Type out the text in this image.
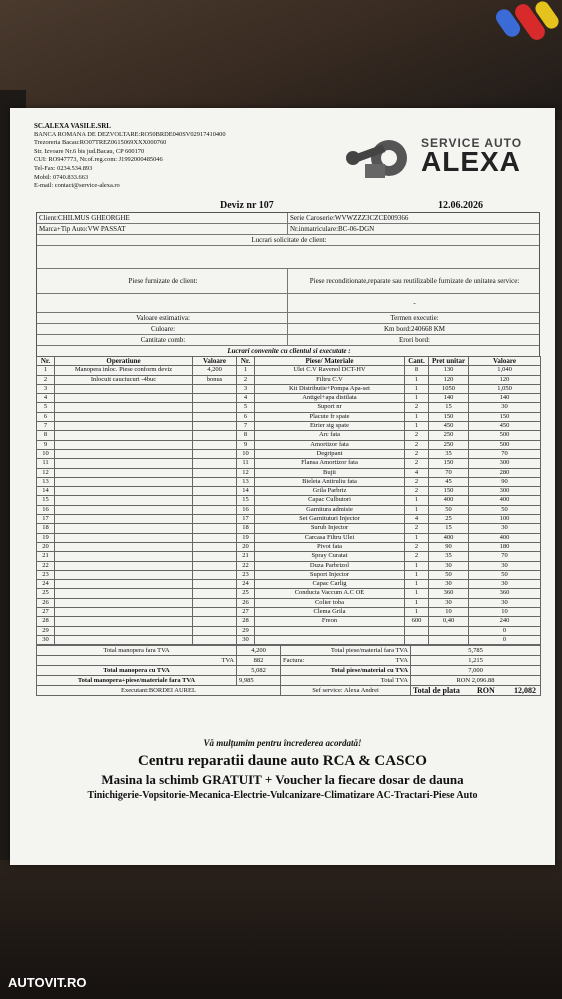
SC.ALEXA VASILE.SRL
BANCA ROMANA DE DEZVOLTARE:RO50BRDE040SV02917410400
Trezoreria Bacau:RO07TREZ0615069XXX000760
Str. Izvoare Nr.6 bis jud.Bacau, CP 600170
CUI: RO947773, Nr.of.reg.com: J1992000485046
Tel-Fax: 0234.534.893
Mobil: 0740.833.663
E-mail: contact@service-alexa.ro
SERVICE AUTO
ALEXA
Deviz nr 107	12.06.2026
Client:CHILMUS GHEORGHE	Serie Caroserie:WVWZZZ3CZCE009366
Marca+Tip Auto:VW PASSAT	Nr.inmatriculare:BC-06-DGN
Lucrari solicitate de client:
Piese furnizate de client:	Piese reconditionate,reparate sau reutilizabile furnizate de unitatea service:
-
Valoare estimativa:	Termen executie:
Culoare:	Km bord:240668 KM
Cantitate comb:	Erori bord:
Lucrari convenite cu clientul si executate :
Nr.	Operatiune	Valoare	Nr.	Piese/ Materiale	Cant.	Pret unitar	Valoare
1	Manopera inloc. Piese conform deviz	4,200	1	Ulei C.V Ravenol DCT-HV	8	130	1,040
2	Inlocuit cauciucuri -4buc	bonus	2	Filtru C.V	1	120	120
3			3	Kit Distributie+Pompa Apa-set	1	1050	1,050
4			4	Antigel+apa distilata	1	140	140
5			5	Suport nr	2	15	30
6			6	Placute fr spate	1	150	150
7			7	Etrier stg spate	1	450	450
8			8	Arc fata	2	250	500
9			9	Amortizor fata	2	250	500
10			10	Degripant	2	35	70
11			11	Flansa Amortizor fata	2	150	300
12			12	Bujii	4	70	280
13			13	Bieleta Antiruliu fata	2	45	90
14			14	Grila Parbriz	2	150	300
15			15	Capac Culbutori	1	400	400
16			16	Garnitura admisie	1	50	50
17			17	Set Garnituturi Injector	4	25	100
18			18	Surub Injector	2	15	30
19			19	Carcasa Filtru Ulei	1	400	400
20			20	Pivot fata	2	90	180
21			21	Spray Curatat	2	35	70
22			22	Duza Parbrizol	1	30	30
23			23	Suport Injector	1	50	50
24			24	Capac Carlig	1	30	30
25			25	Conducta Vaccum A.C OE	1	360	360
26			26	Colier toba	1	30	30
27			27	Clema Grila	1	10	10
28			28	Freon	600	0,40	240
29			29				0
30			30				0
Total manopera fara TVA	4,200	Total piese/material fara TVA	5,785
TVA	882	Factura: TVA	1,215
Total manopera cu TVA	5,082	Total piese/material cu TVA	7,000
Total manopera+piese/materiale fara TVA	9,985	Total TVA	RON 2,096.88
Executant:BORDEI AUREL		Sef service: Alexa Andrei	Total de plata RON 12,082
Vă mulțumim pentru încrederea acordată!
Centru reparatii daune auto RCA & CASCO
Masina la schimb GRATUIT + Voucher la fiecare dosar de dauna
Tinichigerie-Vopsitorie-Mecanica-Electrie-Vulcanizare-Climatizare AC-Tractari-Piese Auto
AUTOVIT.RO
